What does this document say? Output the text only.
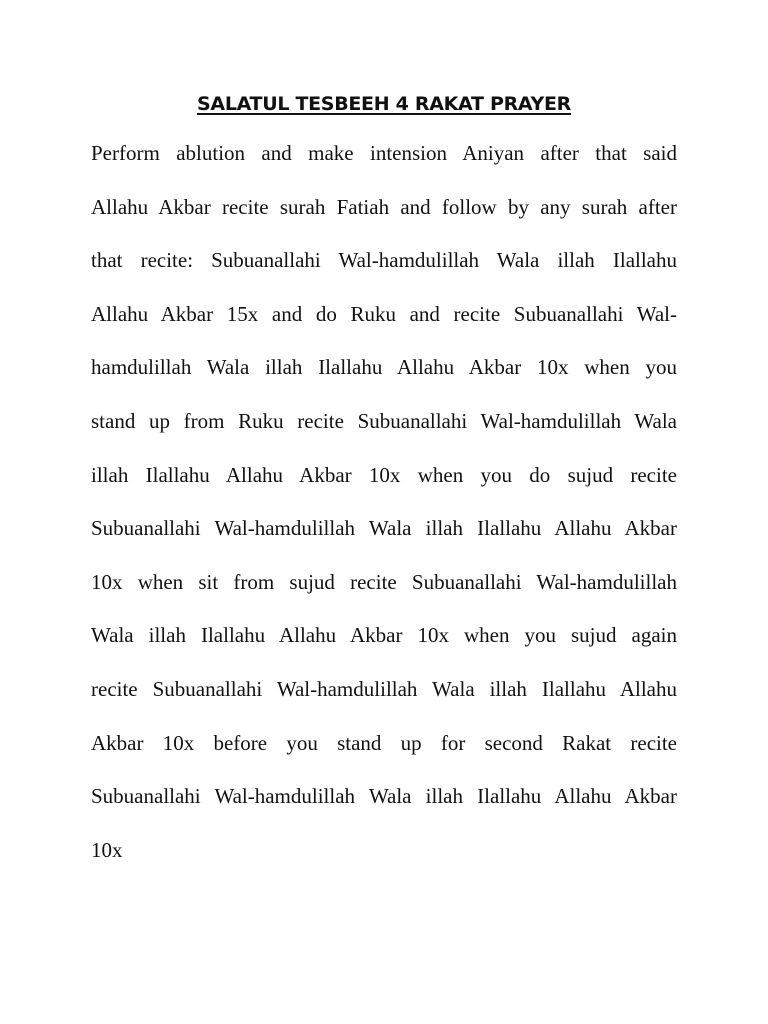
SALATUL TESBEEH 4 RAKAT PRAYER
Perform ablution and make intension Aniyan after that said
Allahu Akbar recite surah Fatiah and follow by any surah after
that recite: Subuanallahi Wal-hamdulillah Wala illah Ilallahu
Allahu Akbar 15x and do Ruku and recite Subuanallahi Wal-
hamdulillah Wala illah Ilallahu Allahu Akbar 10x when you
stand up from Ruku recite Subuanallahi Wal-hamdulillah Wala
illah Ilallahu Allahu Akbar 10x when you do sujud recite
Subuanallahi Wal-hamdulillah Wala illah Ilallahu Allahu Akbar
10x when sit from sujud recite Subuanallahi Wal-hamdulillah
Wala illah Ilallahu Allahu Akbar 10x when you sujud again
recite Subuanallahi Wal-hamdulillah Wala illah Ilallahu Allahu
Akbar 10x before you stand up for second Rakat recite
Subuanallahi Wal-hamdulillah Wala illah Ilallahu Allahu Akbar
10x
